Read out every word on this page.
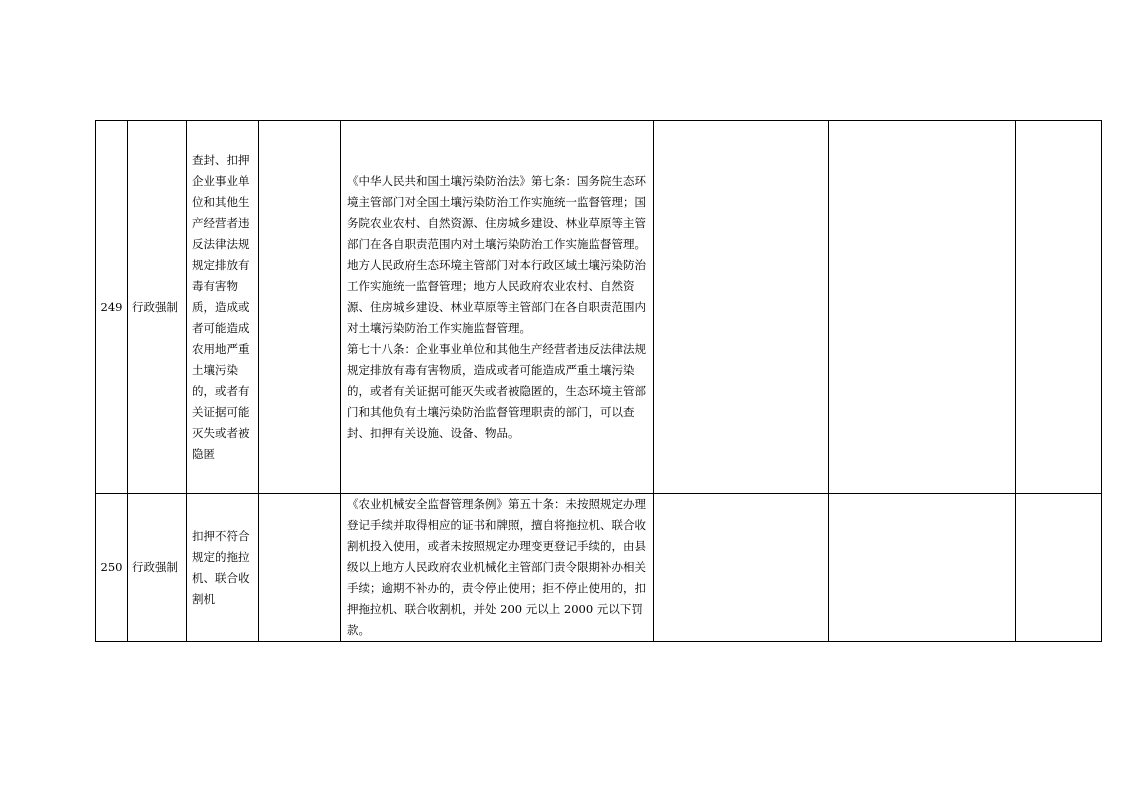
249	行政强制	查封、扣押企业事业单位和其他生产经营者违反法律法规规定排放有毒有害物质，造成或者可能造成农用地严重土壤污染的，或者有关证据可能灭失或者被隐匿		《中华人民共和国土壤污染防治法》第七条：国务院生态环境主管部门对全国土壤污染防治工作实施统一监督管理；国务院农业农村、自然资源、住房城乡建设、林业草原等主管部门在各自职责范围内对土壤污染防治工作实施监督管理。
地方人民政府生态环境主管部门对本行政区域土壤污染防治工作实施统一监督管理；地方人民政府农业农村、自然资源、住房城乡建设、林业草原等主管部门在各自职责范围内对土壤污染防治工作实施监督管理。
第七十八条：企业事业单位和其他生产经营者违反法律法规规定排放有毒有害物质，造成或者可能造成严重土壤污染的，或者有关证据可能灭失或者被隐匿的，生态环境主管部门和其他负有土壤污染防治监督管理职责的部门，可以查封、扣押有关设施、设备、物品。			

250	行政强制	扣押不符合规定的拖拉机、联合收割机		《农业机械安全监督管理条例》第五十条：未按照规定办理登记手续并取得相应的证书和牌照，擅自将拖拉机、联合收割机投入使用，或者未按照规定办理变更登记手续的，由县级以上地方人民政府农业机械化主管部门责令限期补办相关手续；逾期不补办的，责令停止使用；拒不停止使用的，扣押拖拉机、联合收割机，并处 200 元以上 2000 元以下罚款。			
